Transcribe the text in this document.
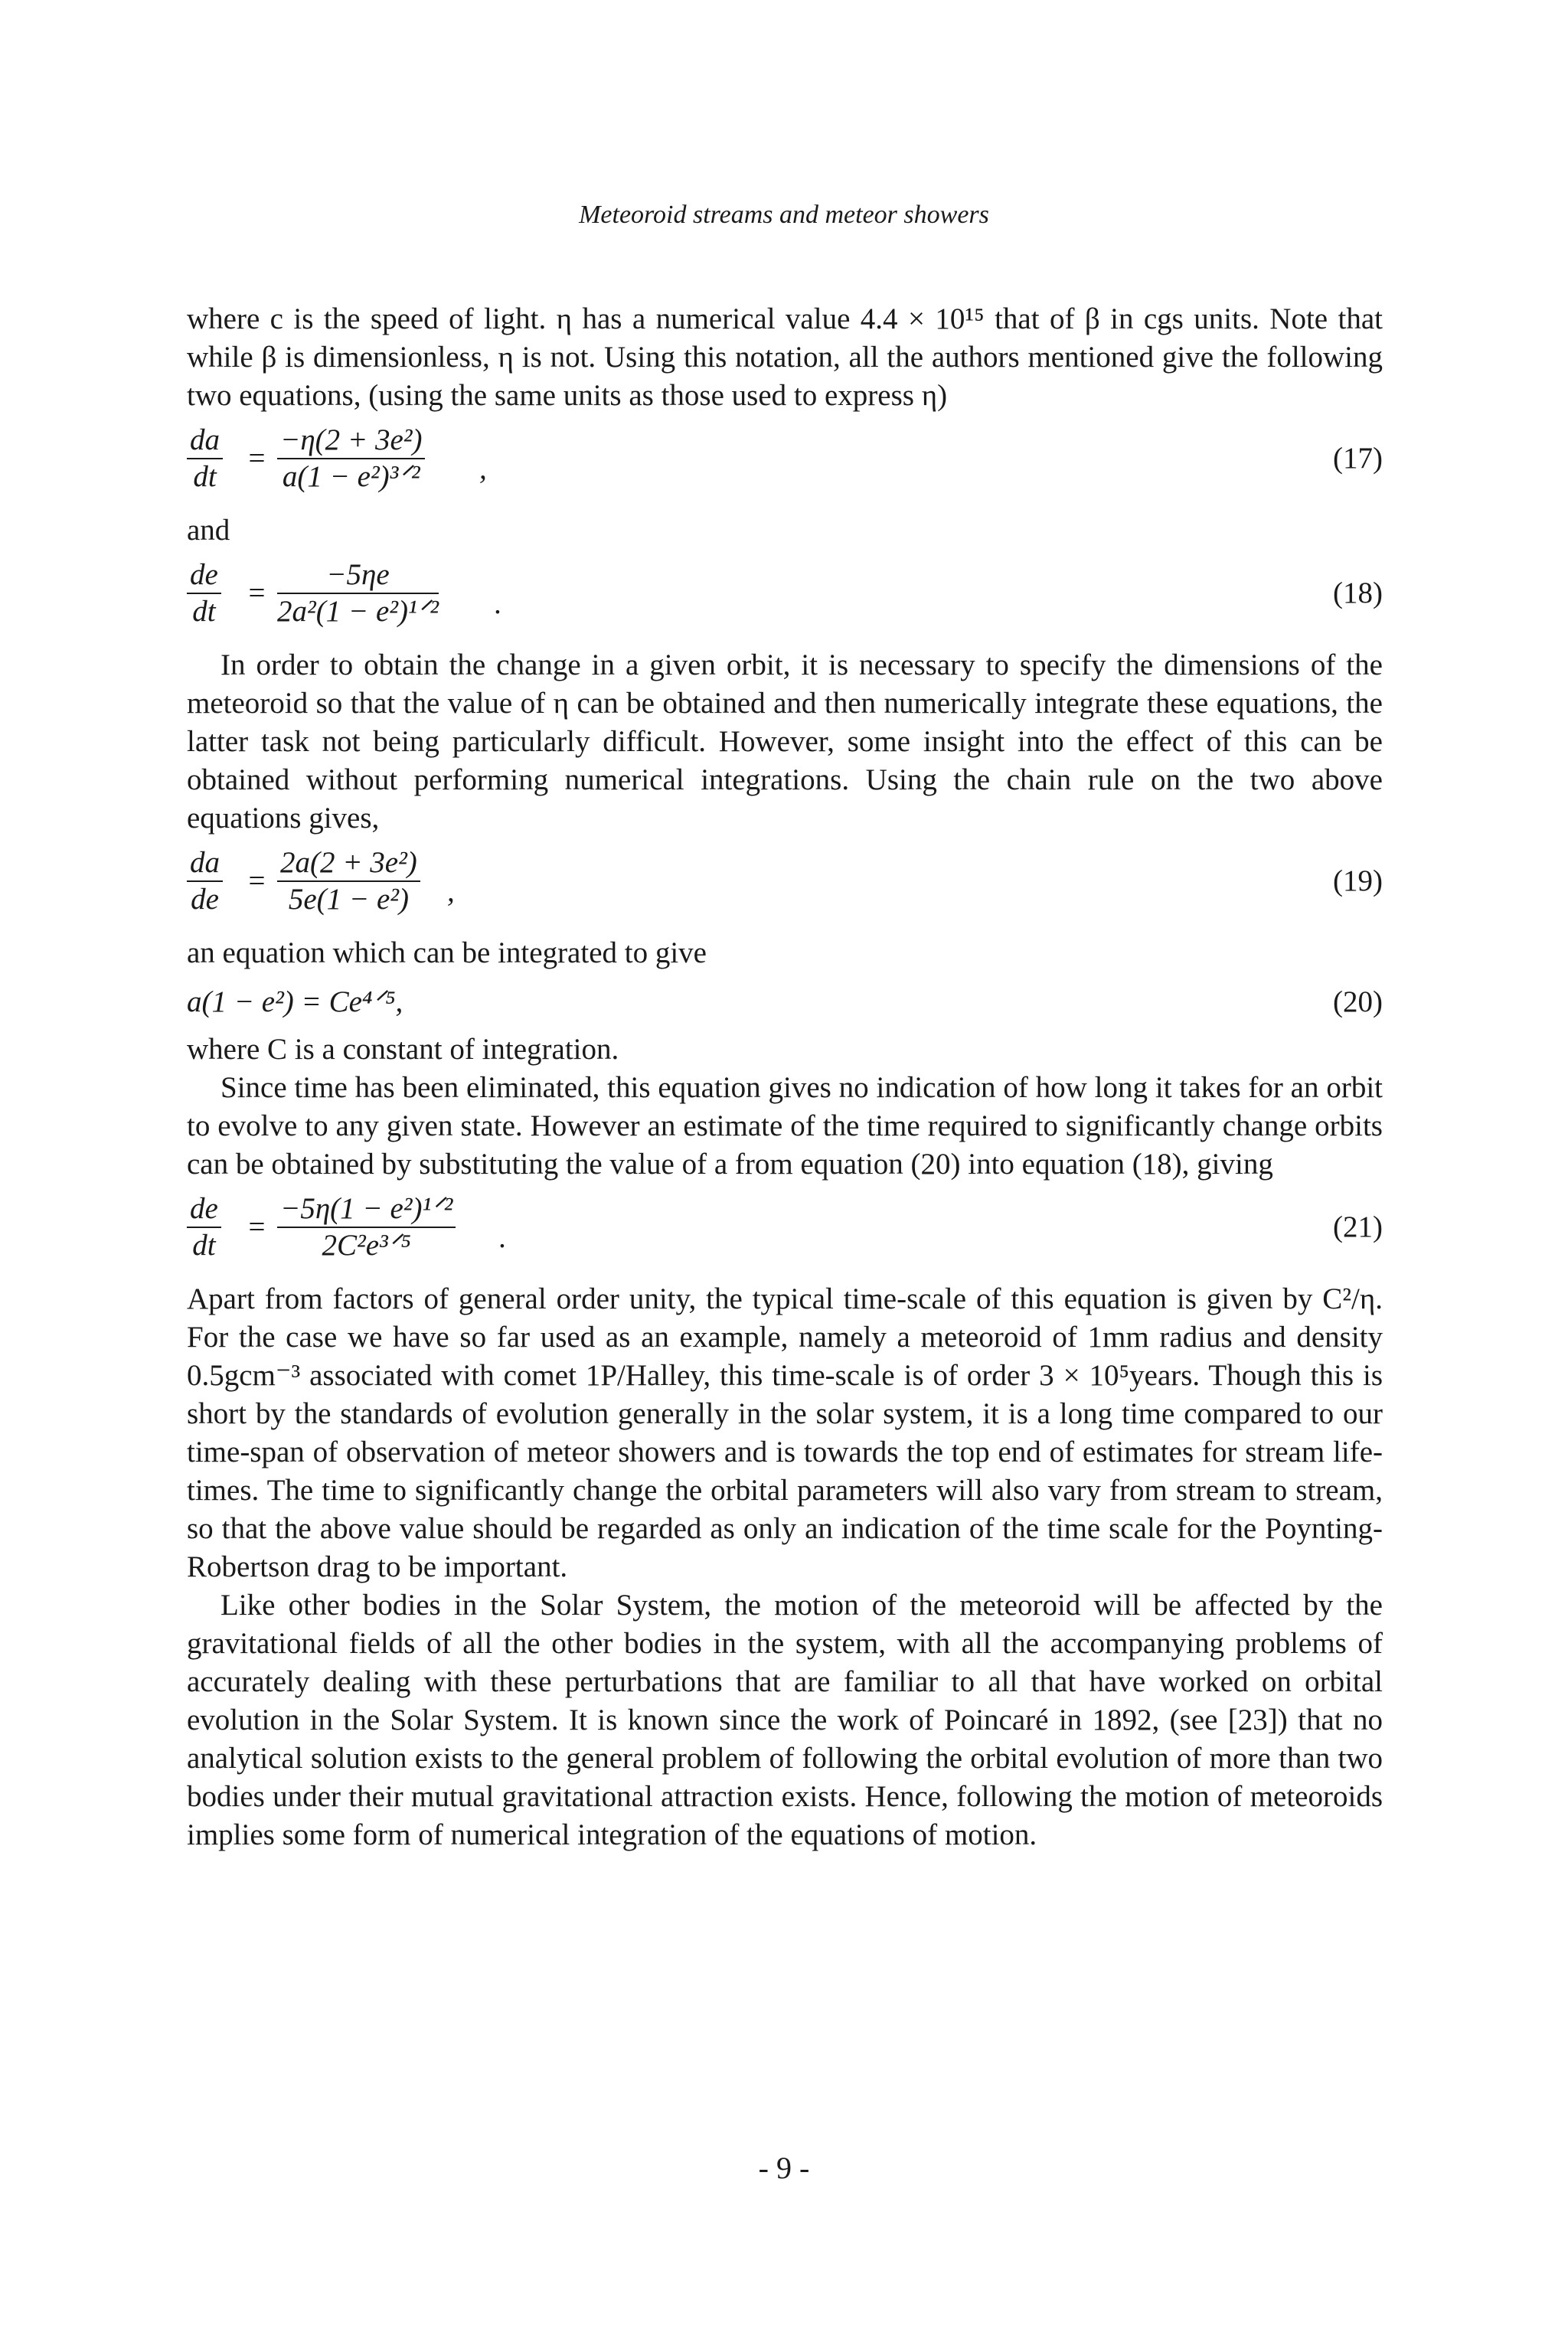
Meteoroid streams and meteor showers

where c is the speed of light. η has a numerical value 4.4 × 10¹⁵ that of β in cgs units. Note that while β is dimensionless, η is not. Using this notation, all the authors mentioned give the following two equations, (using the same units as those used to express η)

$\frac{da}{dt}$ =
−η(2 + 3e²)
a(1 − e²)³ᐟ² ,	(17)

and

$\frac{de}{dt}$ =
−5ηe
2a²(1 − e²)¹ᐟ² .	(18)

In order to obtain the change in a given orbit, it is necessary to specify the dimensions of the meteoroid so that the value of η can be obtained and then numerically integrate these equations, the latter task not being particularly difficult. However, some insight into the effect of this can be obtained without performing numerical integrations. Using the chain rule on the two above equations gives,

$\frac{da}{de} = \frac{\text{2a(2 + 3e²)}}{\text{5e(1 − e²)}}$ ,	(19)

an equation which can be integrated to give

a(1 − e²) = Ce⁴ᐟ⁵,	(20)

where C is a constant of integration.

Since time has been eliminated, this equation gives no indication of how long it takes for an orbit to evolve to any given state. However an estimate of the time required to significantly change orbits can be obtained by substituting the value of a from equation (20) into equation (18), giving

$\frac{de}{dt}$ =
−5η(1 − e²)¹ᐟ²
2C²e³ᐟ⁵	.	(21)

Apart from factors of general order unity, the typical time-scale of this equation is given by C²/η. For the case we have so far used as an example, namely a meteoroid of 1mm radius and density 0.5gcm⁻³ associated with comet 1P/Halley, this time-scale is of order 3 × 10⁵years. Though this is short by the standards of evolution generally in the solar system, it is a long time compared to our time-span of observation of meteor showers and is towards the top end of estimates for stream life-times. The time to significantly change the orbital parameters will also vary from stream to stream, so that the above value should be regarded as only an indication of the time scale for the Poynting-Robertson drag to be important.

Like other bodies in the Solar System, the motion of the meteoroid will be affected by the gravitational fields of all the other bodies in the system, with all the accompanying problems of accurately dealing with these perturbations that are familiar to all that have worked on orbital evolution in the Solar System. It is known since the work of Poincaré in 1892, (see [23]) that no analytical solution exists to the general problem of following the orbital evolution of more than two bodies under their mutual gravitational attraction exists. Hence, following the motion of meteoroids implies some form of numerical integration of the equations of motion.

- 9 -
